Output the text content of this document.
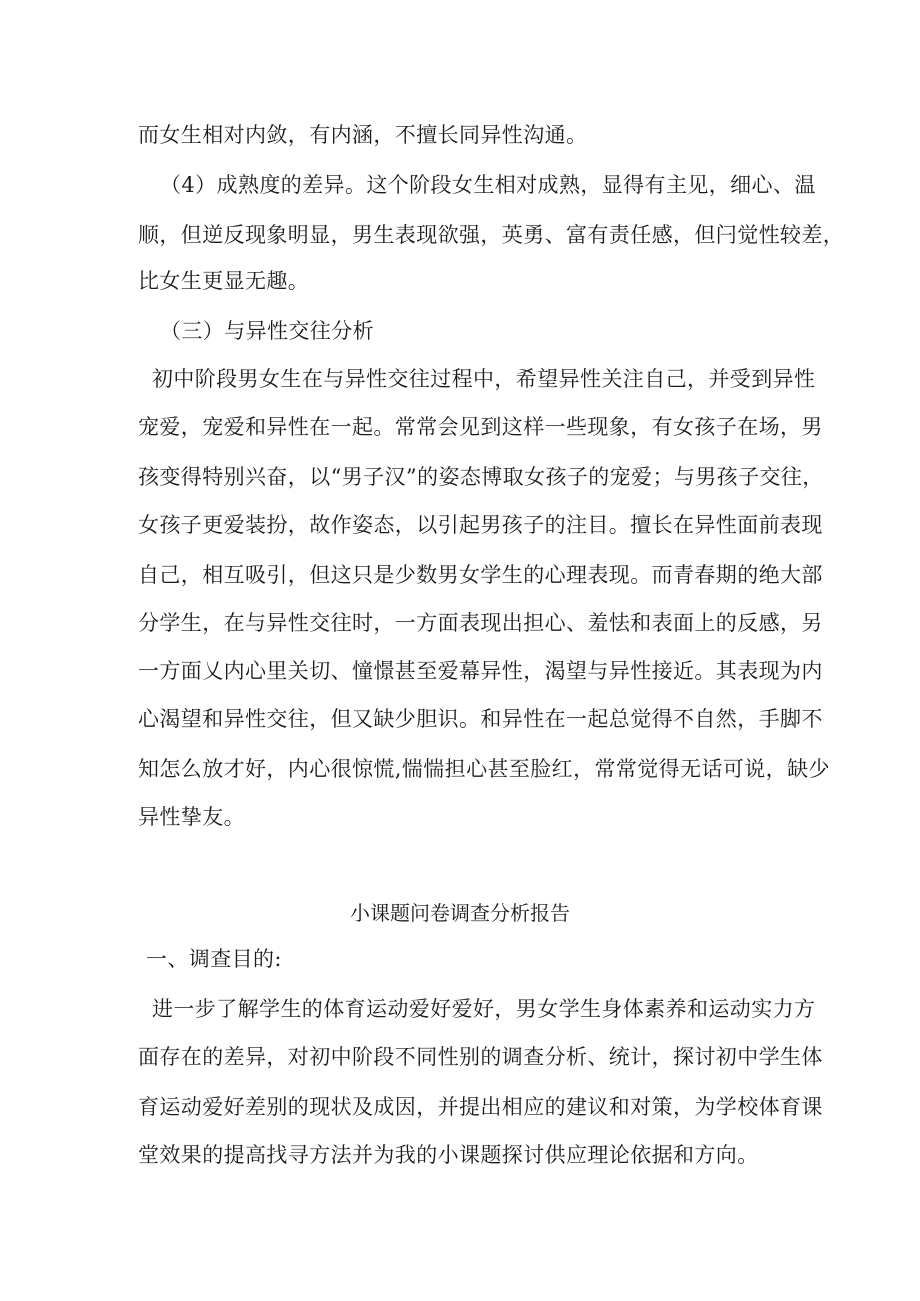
而女生相对内敛，有内涵，不擅长同异性沟通。
（4）成熟度的差异。这个阶段女生相对成熟，显得有主见，细心、温
顺，但逆反现象明显，男生表现欲强，英勇、富有责任感，但闩觉性较差，
比女生更显无趣。
（三）与异性交往分析
初中阶段男女生在与异性交往过程中，希望异性关注自己，并受到异性
宠爱，宠爱和异性在一起。常常会见到这样一些现象，有女孩子在场，男
孩变得特别兴奋，以“男子汉”的姿态博取女孩子的宠爱；与男孩子交往，
女孩子更爱装扮，故作姿态，以引起男孩子的注目。擅长在异性面前表现
自己，相互吸引，但这只是少数男女学生的心理表现。而青春期的绝大部
分学生，在与异性交往时，一方面表现出担心、羞怯和表面上的反感，另
一方面乂内心里关切、憧憬甚至爱幕异性，渴望与异性接近。其表现为内
心渴望和异性交往，但又缺少胆识。和异性在一起总觉得不自然，手脚不
知怎么放才好，内心很惊慌,惴惴担心甚至脸红，常常觉得无话可说，缺少
异性挚友。
小课题问卷调查分析报告
一、调查目的:
进一步了解学生的体育运动爱好爱好，男女学生身体素养和运动实力方
面存在的差异，对初中阶段不同性别的调查分析、统计，探讨初中学生体
育运动爱好差别的现状及成因，并提出相应的建议和对策，为学校体育课
堂效果的提高找寻方法并为我的小课题探讨供应理论依据和方向。
